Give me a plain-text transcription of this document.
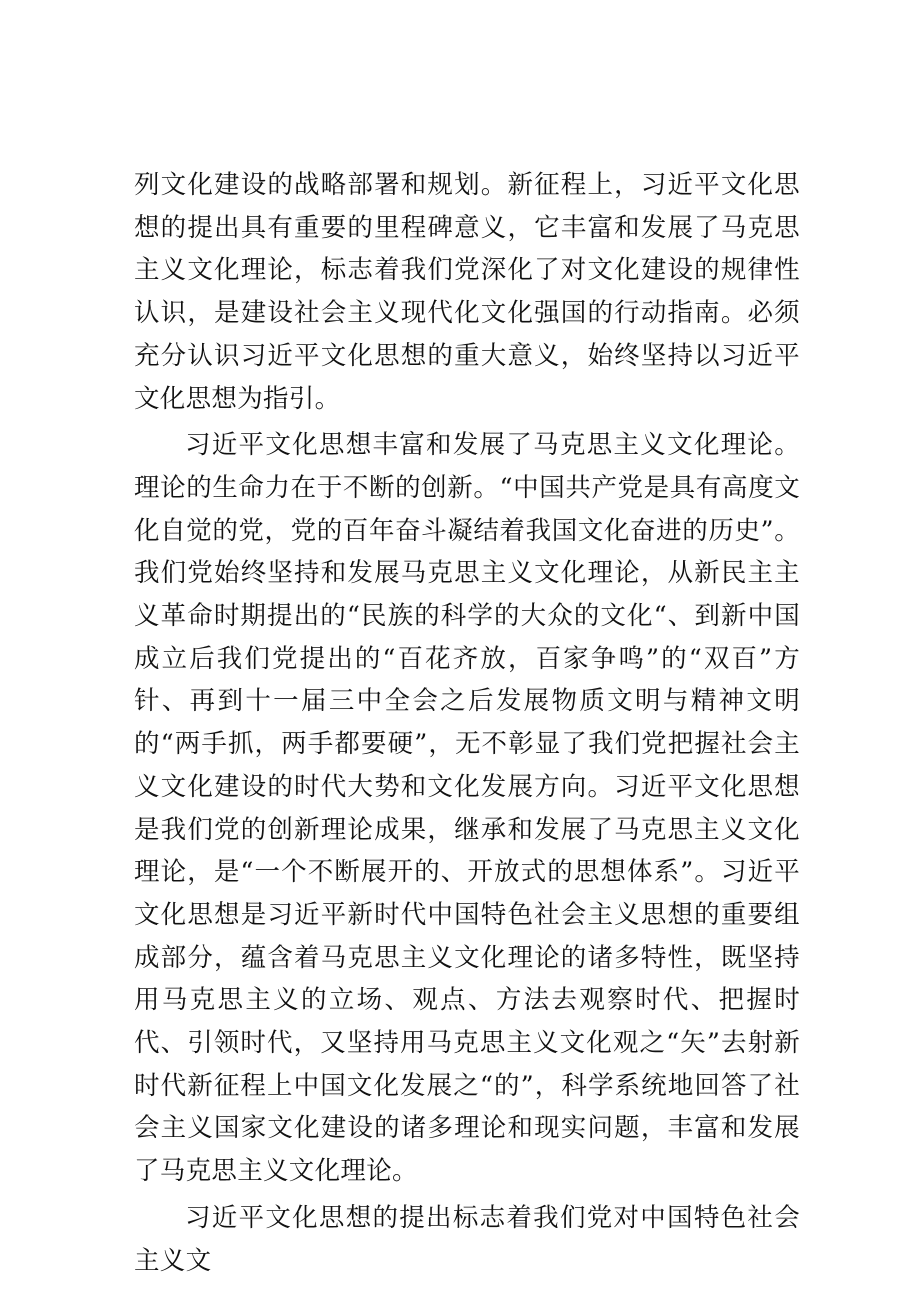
列文化建设的战略部署和规划。新征程上，习近平文化思想的提出具有重要的里程碑意义，它丰富和发展了马克思主义文化理论，标志着我们党深化了对文化建设的规律性认识，是建设社会主义现代化文化强国的行动指南。必须充分认识习近平文化思想的重大意义，始终坚持以习近平文化思想为指引。

习近平文化思想丰富和发展了马克思主义文化理论。理论的生命力在于不断的创新。“中国共产党是具有高度文化自觉的党，党的百年奋斗凝结着我国文化奋进的历史”。我们党始终坚持和发展马克思主义文化理论，从新民主主义革命时期提出的“民族的科学的大众的文化“、到新中国成立后我们党提出的“百花齐放，百家争鸣”的“双百”方针、再到十一届三中全会之后发展物质文明与精神文明的“两手抓，两手都要硬”，无不彰显了我们党把握社会主义文化建设的时代大势和文化发展方向。习近平文化思想是我们党的创新理论成果，继承和发展了马克思主义文化理论，是“一个不断展开的、开放式的思想体系”。习近平文化思想是习近平新时代中国特色社会主义思想的重要组成部分，蕴含着马克思主义文化理论的诸多特性，既坚持用马克思主义的立场、观点、方法去观察时代、把握时代、引领时代，又坚持用马克思主义文化观之“矢”去射新时代新征程上中国文化发展之“的”，科学系统地回答了社会主义国家文化建设的诸多理论和现实问题，丰富和发展了马克思主义文化理论。

习近平文化思想的提出标志着我们党对中国特色社会主义文
